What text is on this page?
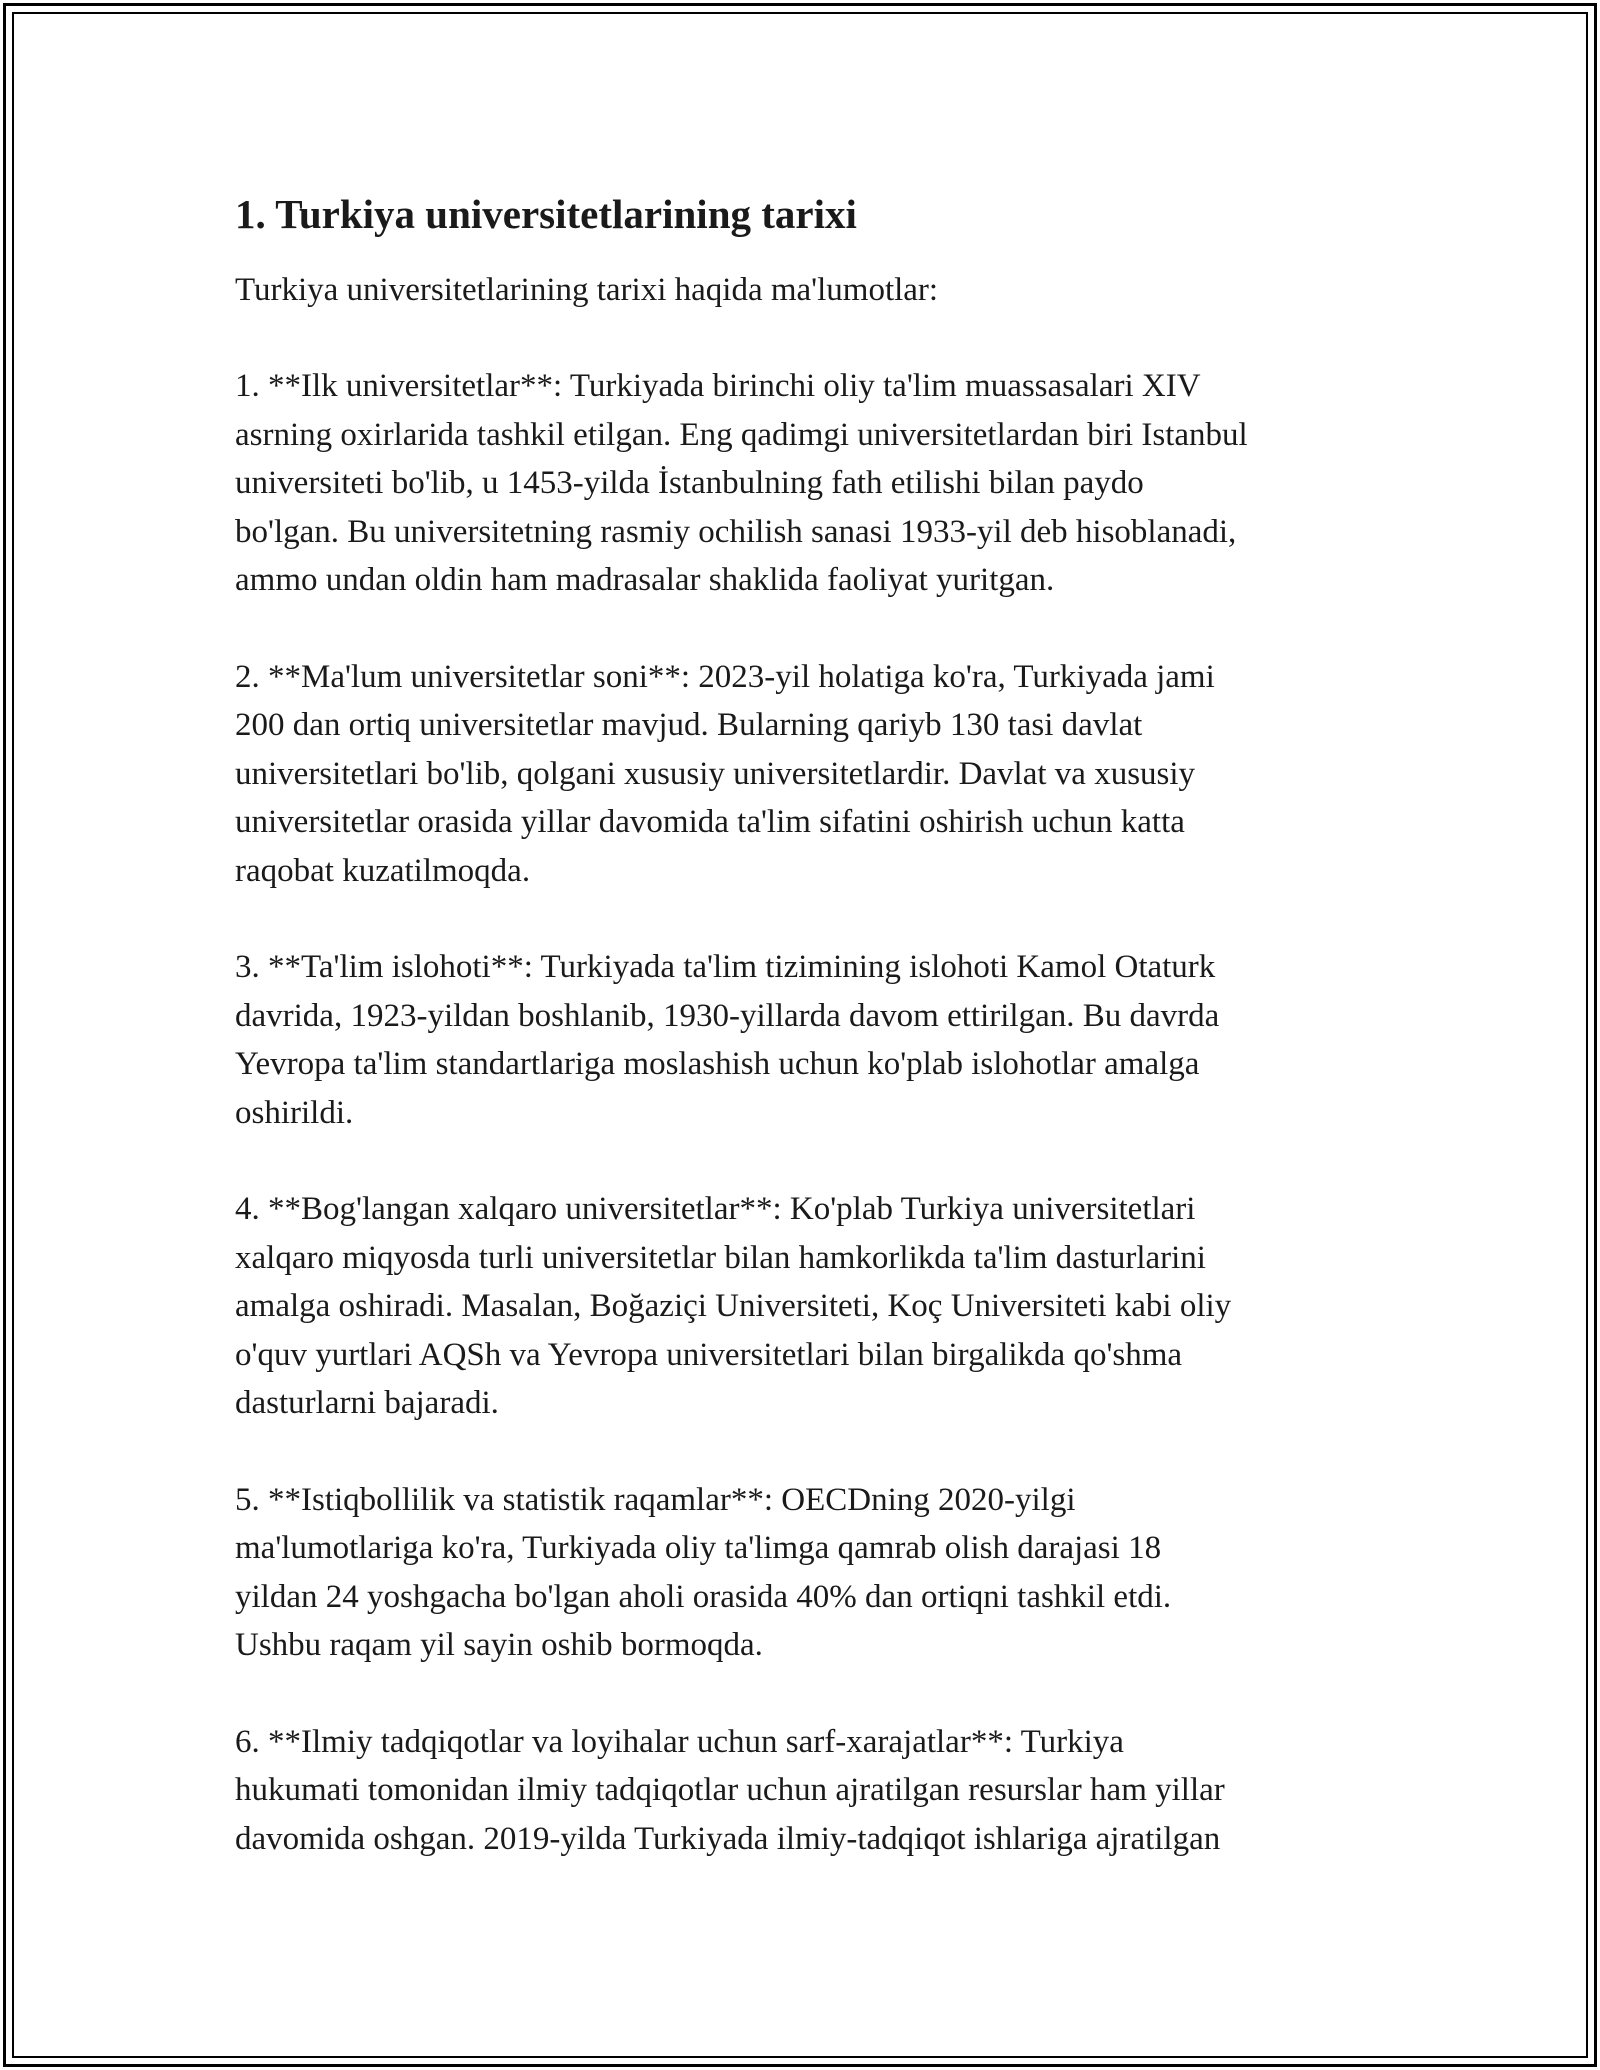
1. Turkiya universitetlarining tarixi

Turkiya universitetlarining tarixi haqida ma'lumotlar:

1. **Ilk universitetlar**: Turkiyada birinchi oliy ta'lim muassasalari XIV
asrning oxirlarida tashkil etilgan. Eng qadimgi universitetlardan biri Istanbul
universiteti bo'lib, u 1453-yilda İstanbulning fath etilishi bilan paydo
bo'lgan. Bu universitetning rasmiy ochilish sanasi 1933-yil deb hisoblanadi,
ammo undan oldin ham madrasalar shaklida faoliyat yuritgan.

2. **Ma'lum universitetlar soni**: 2023-yil holatiga ko'ra, Turkiyada jami
200 dan ortiq universitetlar mavjud. Bularning qariyb 130 tasi davlat
universitetlari bo'lib, qolgani xususiy universitetlardir. Davlat va xususiy
universitetlar orasida yillar davomida ta'lim sifatini oshirish uchun katta
raqobat kuzatilmoqda.

3. **Ta'lim islohoti**: Turkiyada ta'lim tizimining islohoti Kamol Otaturk
davrida, 1923-yildan boshlanib, 1930-yillarda davom ettirilgan. Bu davrda
Yevropa ta'lim standartlariga moslashish uchun ko'plab islohotlar amalga
oshirildi.

4. **Bog'langan xalqaro universitetlar**: Ko'plab Turkiya universitetlari
xalqaro miqyosda turli universitetlar bilan hamkorlikda ta'lim dasturlarini
amalga oshiradi. Masalan, Boğaziçi Universiteti, Koç Universiteti kabi oliy
o'quv yurtlari AQSh va Yevropa universitetlari bilan birgalikda qo'shma
dasturlarni bajaradi.

5. **Istiqbollilik va statistik raqamlar**: OECDning 2020-yilgi
ma'lumotlariga ko'ra, Turkiyada oliy ta'limga qamrab olish darajasi 18
yildan 24 yoshgacha bo'lgan aholi orasida 40% dan ortiqni tashkil etdi.
Ushbu raqam yil sayin oshib bormoqda.

6. **Ilmiy tadqiqotlar va loyihalar uchun sarf-xarajatlar**: Turkiya
hukumati tomonidan ilmiy tadqiqotlar uchun ajratilgan resurslar ham yillar
davomida oshgan. 2019-yilda Turkiyada ilmiy-tadqiqot ishlariga ajratilgan
